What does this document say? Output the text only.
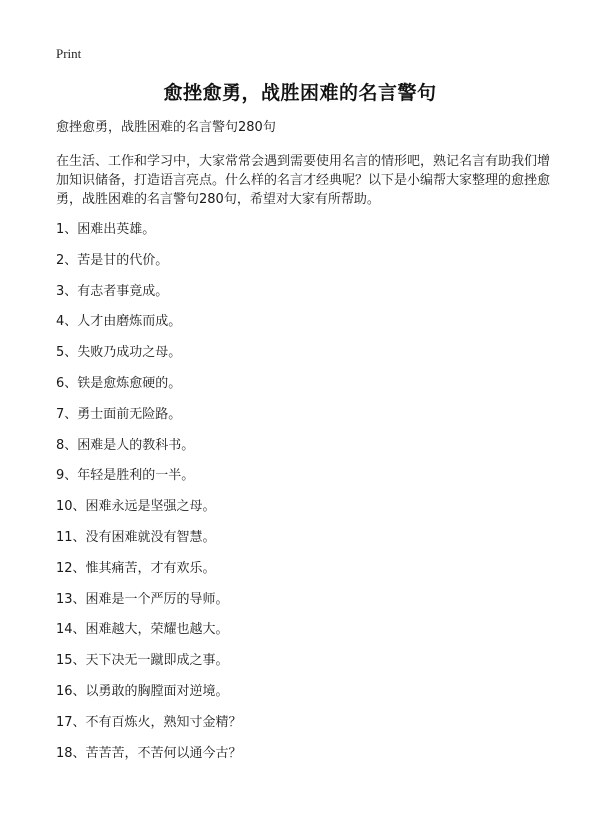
Print
愈挫愈勇，战胜困难的名言警句

愈挫愈勇，战胜困难的名言警句280句

在生活、工作和学习中，大家常常会遇到需要使用名言的情形吧，熟记名言有助我们增加知识储备，打造语言亮点。什么样的名言才经典呢？以下是小编帮大家整理的愈挫愈勇，战胜困难的名言警句280句，希望对大家有所帮助。

1、困难出英雄。
2、苦是甘的代价。
3、有志者事竟成。
4、人才由磨炼而成。
5、失败乃成功之母。
6、铁是愈炼愈硬的。
7、勇士面前无险路。
8、困难是人的教科书。
9、年轻是胜利的一半。
10、困难永远是坚强之母。
11、没有困难就没有智慧。
12、惟其痛苦，才有欢乐。
13、困难是一个严厉的导师。
14、困难越大，荣耀也越大。
15、天下决无一蹴即成之事。
16、以勇敢的胸膛面对逆境。
17、不有百炼火，熟知寸金精？
18、苦苦苦，不苦何以通今古？
